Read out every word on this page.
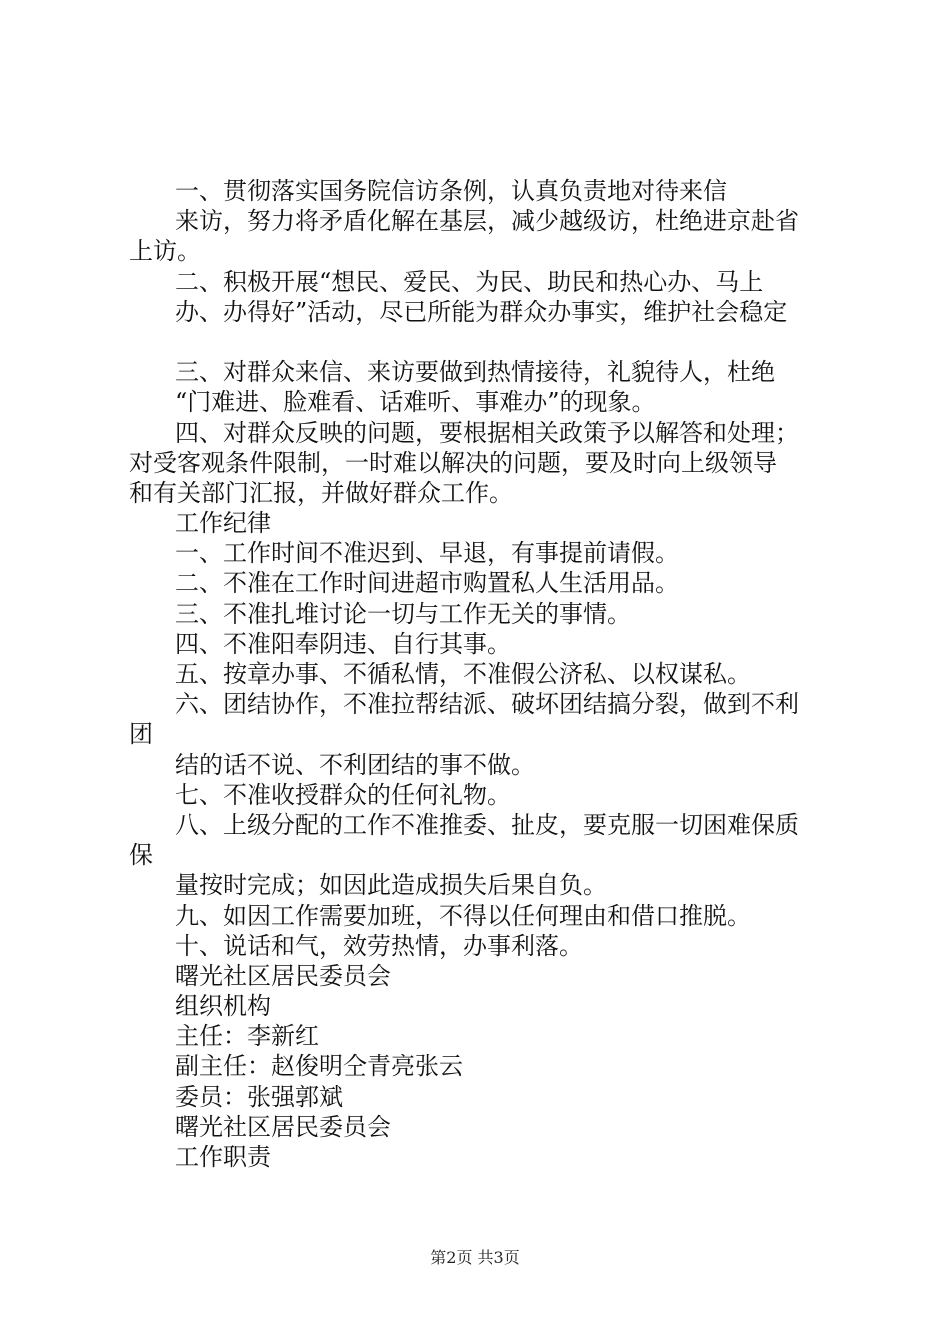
一、贯彻落实国务院信访条例，认真负责地对待来信
来访，努力将矛盾化解在基层，减少越级访，杜绝进京赴省
上访。
二、积极开展“想民、爱民、为民、助民和热心办、马上
办、办得好”活动，尽已所能为群众办事实，维护社会稳定
三、对群众来信、来访要做到热情接待，礼貌待人，杜绝
“门难进、脸难看、话难听、事难办”的现象。
四、对群众反映的问题，要根据相关政策予以解答和处理；
对受客观条件限制，一时难以解决的问题，要及时向上级领导
和有关部门汇报，并做好群众工作。
工作纪律
一、工作时间不准迟到、早退，有事提前请假。
二、不准在工作时间进超市购置私人生活用品。
三、不准扎堆讨论一切与工作无关的事情。
四、不准阳奉阴违、自行其事。
五、按章办事、不循私情，不准假公济私、以权谋私。
六、团结协作，不准拉帮结派、破坏团结搞分裂，做到不利
团
结的话不说、不利团结的事不做。
七、不准收授群众的任何礼物。
八、上级分配的工作不准推委、扯皮，要克服一切困难保质
保
量按时完成；如因此造成损失后果自负。
九、如因工作需要加班，不得以任何理由和借口推脱。
十、说话和气，效劳热情，办事利落。
曙光社区居民委员会
组织机构
主任：李新红
副主任：赵俊明仝青亮张云
委员：张强郭斌
曙光社区居民委员会
工作职责
第2页 共3页
